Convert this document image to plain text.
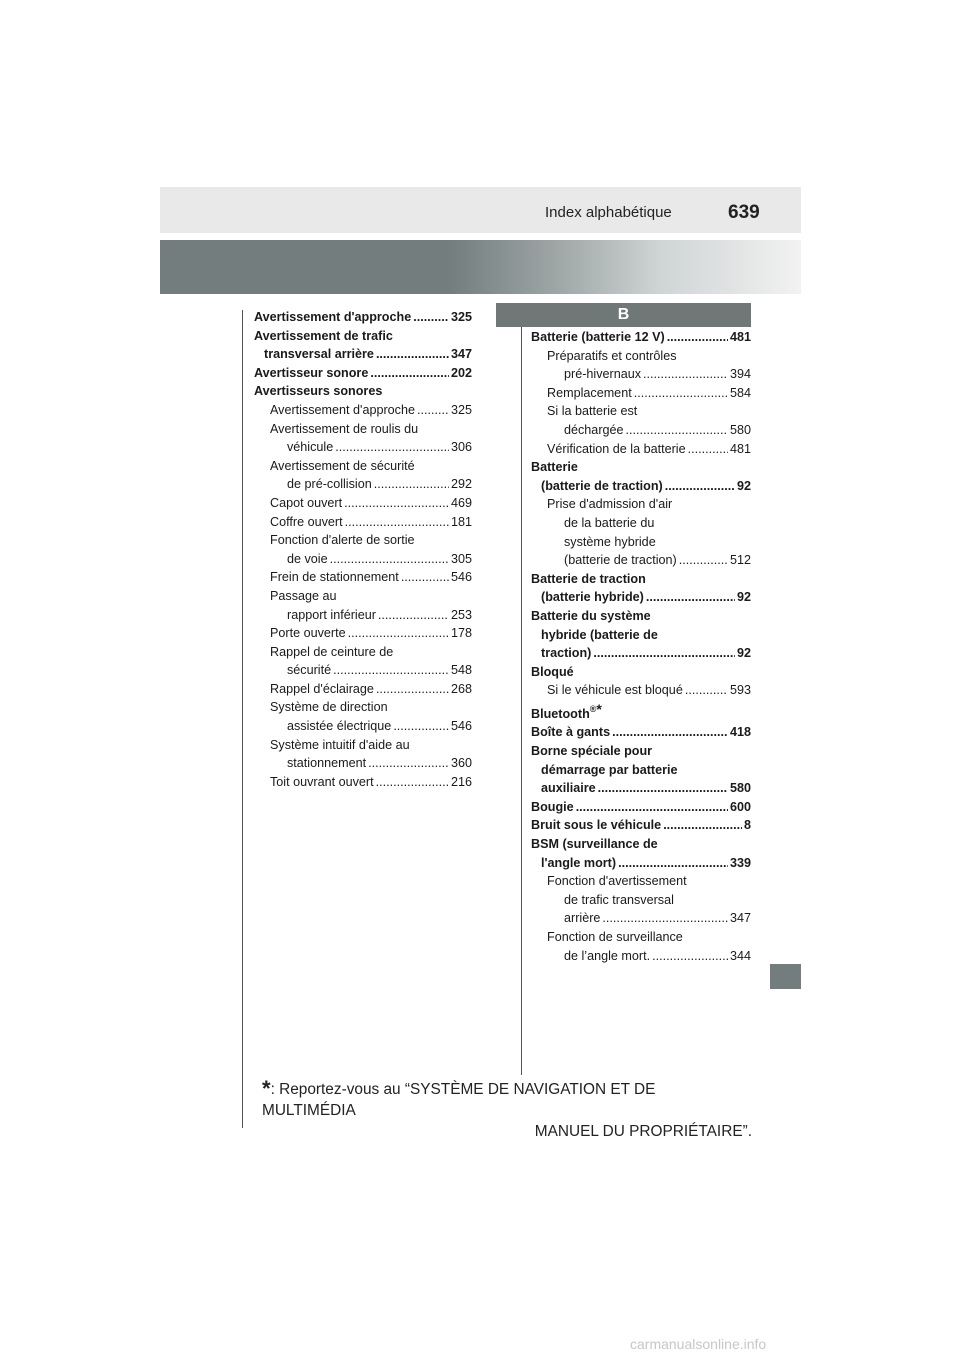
Index alphabétique	639
B
Avertissement d'approche .....	325
Avertissement de trafic
transversal arrière .....	347
Avertisseur sonore .....	202
Avertisseurs sonores
Avertissement d'approche .....	325
Avertissement de roulis du
véhicule .....	306
Avertissement de sécurité
de pré-collision .....	292
Capot ouvert .....	469
Coffre ouvert .....	181
Fonction d'alerte de sortie
de voie .....	305
Frein de stationnement .....	546
Passage au
rapport inférieur .....	253
Porte ouverte .....	178
Rappel de ceinture de
sécurité .....	548
Rappel d'éclairage .....	268
Système de direction
assistée électrique .....	546
Système intuitif d'aide au
stationnement .....	360
Toit ouvrant ouvert .....	216
Batterie (batterie 12 V) .....	481
Préparatifs et contrôles
pré-hivernaux .....	394
Remplacement .....	584
Si la batterie est
déchargée .....	580
Vérification de la batterie .....	481
Batterie
(batterie de traction) .....	92
Prise d'admission d'air
de la batterie du
système hybride
(batterie de traction) .....	512
Batterie de traction
(batterie hybride) .....	92
Batterie du système
hybride (batterie de
traction) .....	92
Bloqué
Si le véhicule est bloqué .....	593
Bluetooth®*
Boîte à gants .....	418
Borne spéciale pour
démarrage par batterie
auxiliaire .....	580
Bougie .....	600
Bruit sous le véhicule .....	8
BSM (surveillance de
l'angle mort) .....	339
Fonction d'avertissement
de trafic transversal
arrière .....	347
Fonction de surveillance
de l’angle mort. .....	344
*: Reportez-vous au “SYSTÈME DE NAVIGATION ET DE MULTIMÉDIA
MANUEL DU PROPRIÉTAIRE”.
carmanualsonline.info
